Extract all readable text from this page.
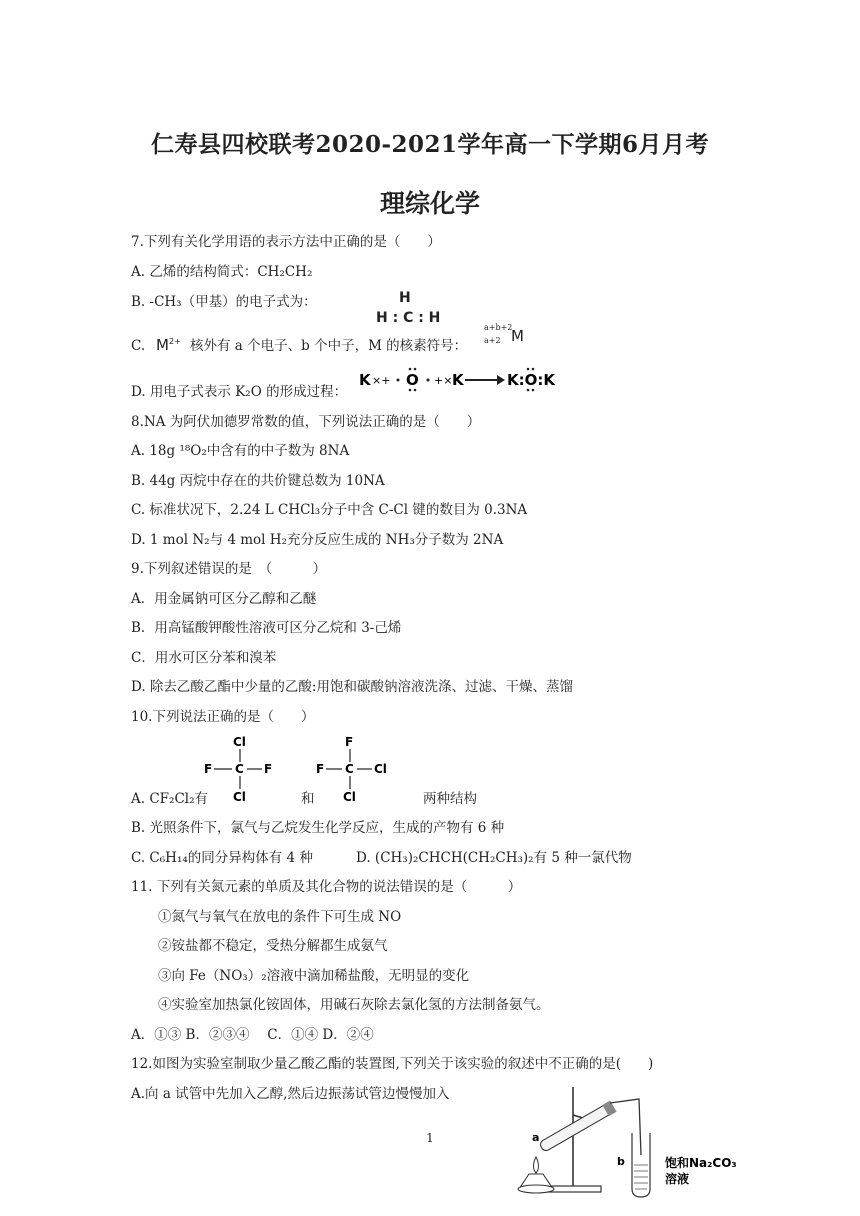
仁寿县四校联考2020-2021学年高一下学期6月月考
理综化学
7.下列有关化学用语的表示方法中正确的是（　　）
A. 乙烯的结构简式：CH₂CH₂
B. -CH₃（甲基）的电子式为：	H
H : C : H
C. $M^{2+}$ 核外有 a 个电子、b 个中子，M 的核素符号：
a+b+2
a+2 M
D. 用电子式表示 K₂O 的形成过程：
K ×+ O +× K	K:O:K
8.NA 为阿伏加德罗常数的值，下列说法正确的是（　　）
A. 18g ¹⁸O₂中含有的中子数为 8NA
B. 44g 丙烷中存在的共价键总数为 10NA
C. 标准状况下，2.24 L CHCl₃分子中含 C-Cl 键的数目为 0.3NA
D. 1 mol N₂与 4 mol H₂充分反应生成的 NH₃分子数为 2NA
9.下列叙述错误的是　（　　　）
A．用金属钠可区分乙醇和乙醚
B．用高锰酸钾酸性溶液可区分乙烷和 3-己烯
C．用水可区分苯和溴苯
D. 除去乙酸乙酯中少量的乙酸:用饱和碳酸钠溶液洗涤、过滤、干燥、蒸馏
10.下列说法正确的是（　　）
Cl
F C F
Cl
F
F C Cl
Cl
A. CF₂Cl₂有	和	两种结构
B. 光照条件下，氯气与乙烷发生化学反应，生成的产物有 6 种
C. C₆H₁₄的同分异构体有 4 种	D. (CH₃)₂CHCH(CH₂CH₃)₂有 5 种一氯代物
11. 下列有关氮元素的单质及其化合物的说法错误的是（　　　）
①氮气与氧气在放电的条件下可生成 NO
②铵盐都不稳定，受热分解都生成氨气
③向 Fe（NO₃）₂溶液中滴加稀盐酸，无明显的变化
④实验室加热氯化铵固体，用碱石灰除去氯化氢的方法制备氨气。
A．①③ B．②③④　 C．①④ D．②④
12.如图为实验室制取少量乙酸乙酯的装置图,下列关于该实验的叙述中不正确的是(　　)
A.向 a 试管中先加入乙醇,然后边振荡试管边慢慢加入
a
b	饱和Na₂CO₃
溶液
1
